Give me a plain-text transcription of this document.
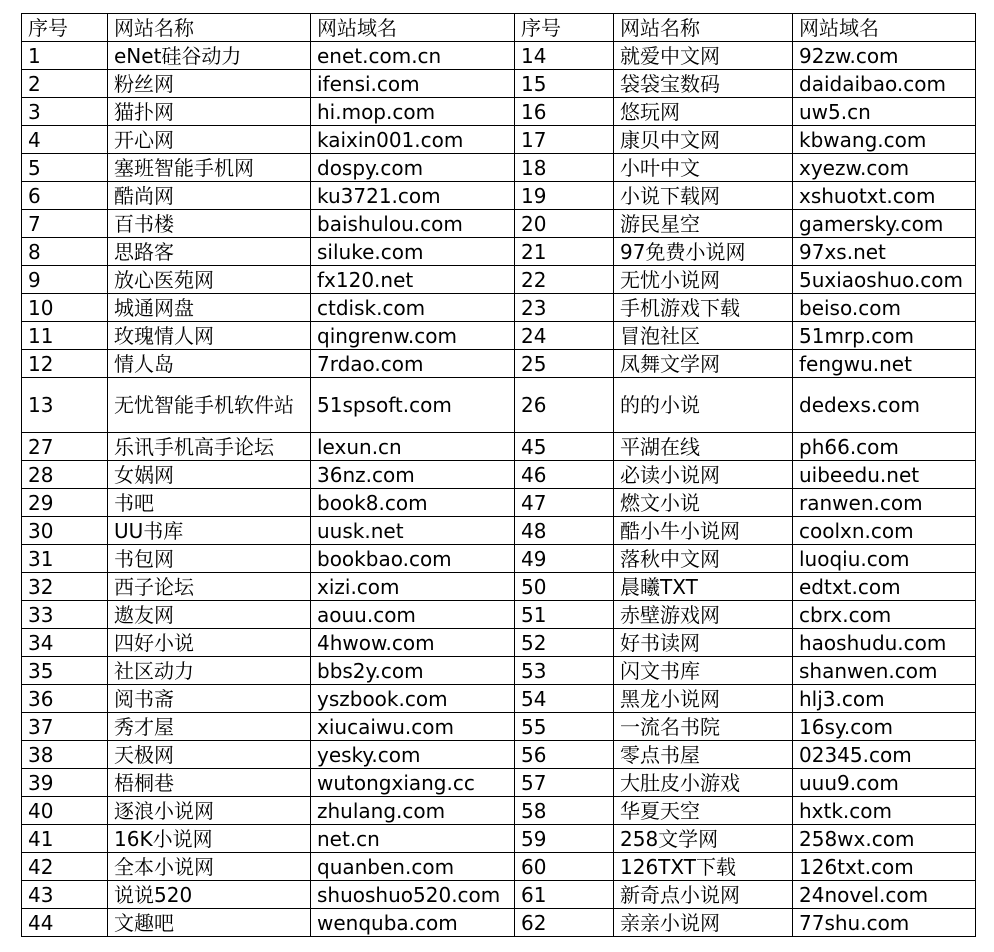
序号	网站名称	网站域名	序号	网站名称	网站域名
1	eNet硅谷动力	enet.com.cn	14	就爱中文网	92zw.com
2	粉丝网	ifensi.com	15	袋袋宝数码	daidaibao.com
3	猫扑网	hi.mop.com	16	悠玩网	uw5.cn
4	开心网	kaixin001.com	17	康贝中文网	kbwang.com
5	塞班智能手机网	dospy.com	18	小叶中文	xyezw.com
6	酷尚网	ku3721.com	19	小说下载网	xshuotxt.com
7	百书楼	baishulou.com	20	游民星空	gamersky.com
8	思路客	siluke.com	21	97免费小说网	97xs.net
9	放心医苑网	fx120.net	22	无忧小说网	5uxiaoshuo.com
10	城通网盘	ctdisk.com	23	手机游戏下载	beiso.com
11	玫瑰情人网	qingrenw.com	24	冒泡社区	51mrp.com
12	情人岛	7rdao.com	25	凤舞文学网	fengwu.net
13	无忧智能手机软件站	51spsoft.com	26	的的小说	dedexs.com
27	乐讯手机高手论坛	lexun.cn	45	平湖在线	ph66.com
28	女娲网	36nz.com	46	必读小说网	uibeedu.net
29	书吧	book8.com	47	燃文小说	ranwen.com
30	UU书库	uusk.net	48	酷小牛小说网	coolxn.com
31	书包网	bookbao.com	49	落秋中文网	luoqiu.com
32	西子论坛	xizi.com	50	晨曦TXT	edtxt.com
33	遨友网	aouu.com	51	赤壁游戏网	cbrx.com
34	四好小说	4hwow.com	52	好书读网	haoshudu.com
35	社区动力	bbs2y.com	53	闪文书库	shanwen.com
36	阅书斋	yszbook.com	54	黑龙小说网	hlj3.com
37	秀才屋	xiucaiwu.com	55	一流名书院	16sy.com
38	天极网	yesky.com	56	零点书屋	02345.com
39	梧桐巷	wutongxiang.cc	57	大肚皮小游戏	uuu9.com
40	逐浪小说网	zhulang.com	58	华夏天空	hxtk.com
41	16K小说网	net.cn	59	258文学网	258wx.com
42	全本小说网	quanben.com	60	126TXT下载	126txt.com
43	说说520	shuoshuo520.com	61	新奇点小说网	24novel.com
44	文趣吧	wenquba.com	62	亲亲小说网	77shu.com
